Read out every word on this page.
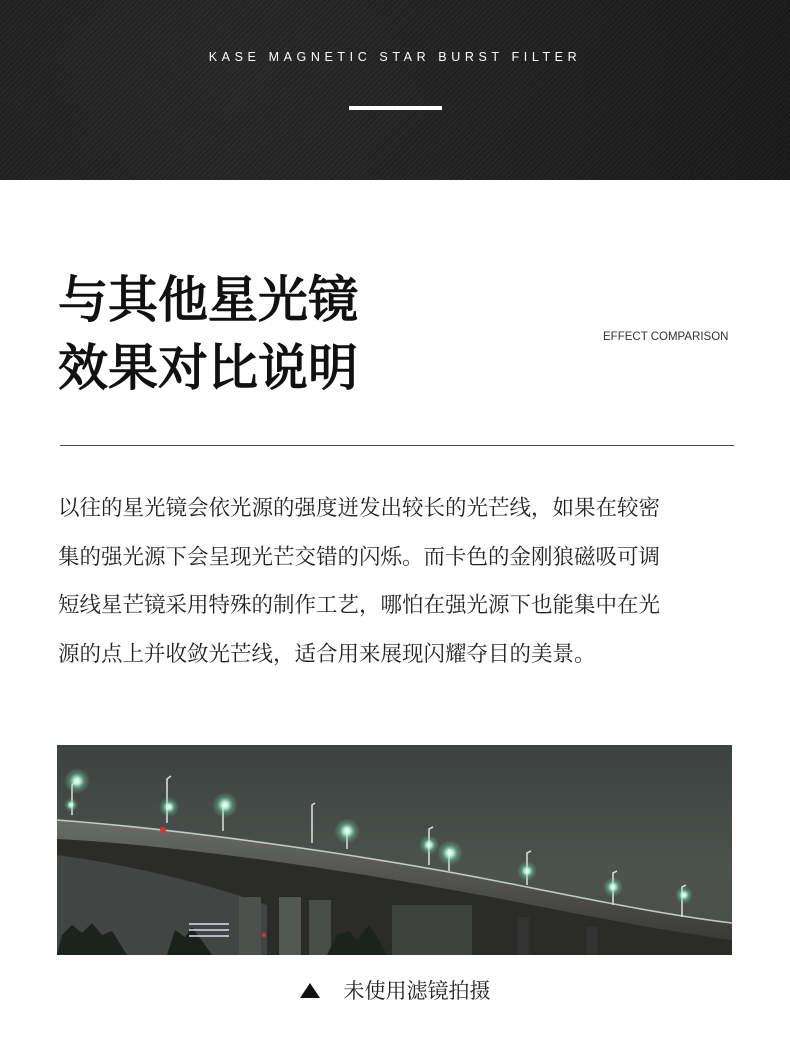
KASE MAGNETIC STAR BURST FILTER
与其他星光镜
效果对比说明
EFFECT COMPARISON
以往的星光镜会依光源的强度迸发出较长的光芒线，如果在较密
集的强光源下会呈现光芒交错的闪烁。而卡色的金刚狼磁吸可调
短线星芒镜采用特殊的制作工艺，哪怕在强光源下也能集中在光
源的点上并收敛光芒线，适合用来展现闪耀夺目的美景。
未使用滤镜拍摄
